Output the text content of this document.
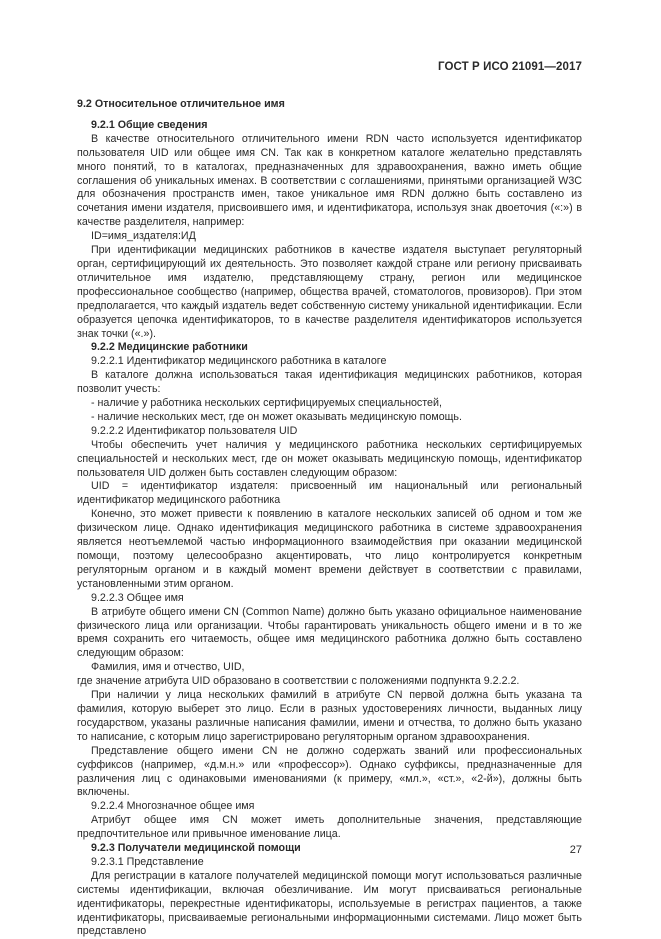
ГОСТ Р ИСО 21091—2017

9.2 Относительное отличительное имя

9.2.1 Общие сведения

В качестве относительного отличительного имени RDN часто используется идентификатор пользователя UID или общее имя CN. Так как в конкретном каталоге желательно представлять много понятий, то в каталогах, предназначенных для здравоохранения, важно иметь общие соглашения об уникальных именах. В соответствии с соглашениями, принятыми организацией W3C для обозначения пространств имен, такое уникальное имя RDN должно быть составлено из сочетания имени издателя, присвоившего имя, и идентификатора, используя знак двоеточия («:») в качестве разделителя, например:

ID=имя_издателя:ИД

При идентификации медицинских работников в качестве издателя выступает регуляторный орган, сертифицирующий их деятельность. Это позволяет каждой стране или региону присваивать отличительное имя издателю, представляющему страну, регион или медицинское профессиональное сообщество (например, общества врачей, стоматологов, провизоров). При этом предполагается, что каждый издатель ведет собственную систему уникальной идентификации. Если образуется цепочка идентификаторов, то в качестве разделителя идентификаторов используется знак точки («.»).

9.2.2 Медицинские работники

9.2.2.1 Идентификатор медицинского работника в каталоге

В каталоге должна использоваться такая идентификация медицинских работников, которая позволит учесть:

- наличие у работника нескольких сертифицируемых специальностей,

- наличие нескольких мест, где он может оказывать медицинскую помощь.

9.2.2.2 Идентификатор пользователя UID

Чтобы обеспечить учет наличия у медицинского работника нескольких сертифицируемых специальностей и нескольких мест, где он может оказывать медицинскую помощь, идентификатор пользователя UID должен быть составлен следующим образом:

UID = идентификатор издателя: присвоенный им национальный или региональный идентификатор медицинского работника

Конечно, это может привести к появлению в каталоге нескольких записей об одном и том же физическом лице. Однако идентификация медицинского работника в системе здравоохранения является неотъемлемой частью информационного взаимодействия при оказании медицинской помощи, поэтому целесообразно акцентировать, что лицо контролируется конкретным регуляторным органом и в каждый момент времени действует в соответствии с правилами, установленными этим органом.

9.2.2.3 Общее имя

В атрибуте общего имени CN (Common Name) должно быть указано официальное наименование физического лица или организации. Чтобы гарантировать уникальность общего имени и в то же время сохранить его читаемость, общее имя медицинского работника должно быть составлено следующим образом:

Фамилия, имя и отчество, UID,

где значение атрибута UID образовано в соответствии с положениями подпункта 9.2.2.2.

При наличии у лица нескольких фамилий в атрибуте CN первой должна быть указана та фамилия, которую выберет это лицо. Если в разных удостоверениях личности, выданных лицу государством, указаны различные написания фамилии, имени и отчества, то должно быть указано то написание, с которым лицо зарегистрировано регуляторным органом здравоохранения.

Представление общего имени CN не должно содержать званий или профессиональных суффиксов (например, «д.м.н.» или «профессор»). Однако суффиксы, предназначенные для различения лиц с одинаковыми именованиями (к примеру, «мл.», «ст.», «2-й»), должны быть включены.

9.2.2.4 Многозначное общее имя

Атрибут общее имя CN может иметь дополнительные значения, представляющие предпочтительное или привычное именование лица.

9.2.3 Получатели медицинской помощи

9.2.3.1 Представление

Для регистрации в каталоге получателей медицинской помощи могут использоваться различные системы идентификации, включая обезличивание. Им могут присваиваться региональные идентификаторы, перекрестные идентификаторы, используемые в регистрах пациентов, а также идентификаторы, присваиваемые региональными информационными системами. Лицо может быть представлено

27
